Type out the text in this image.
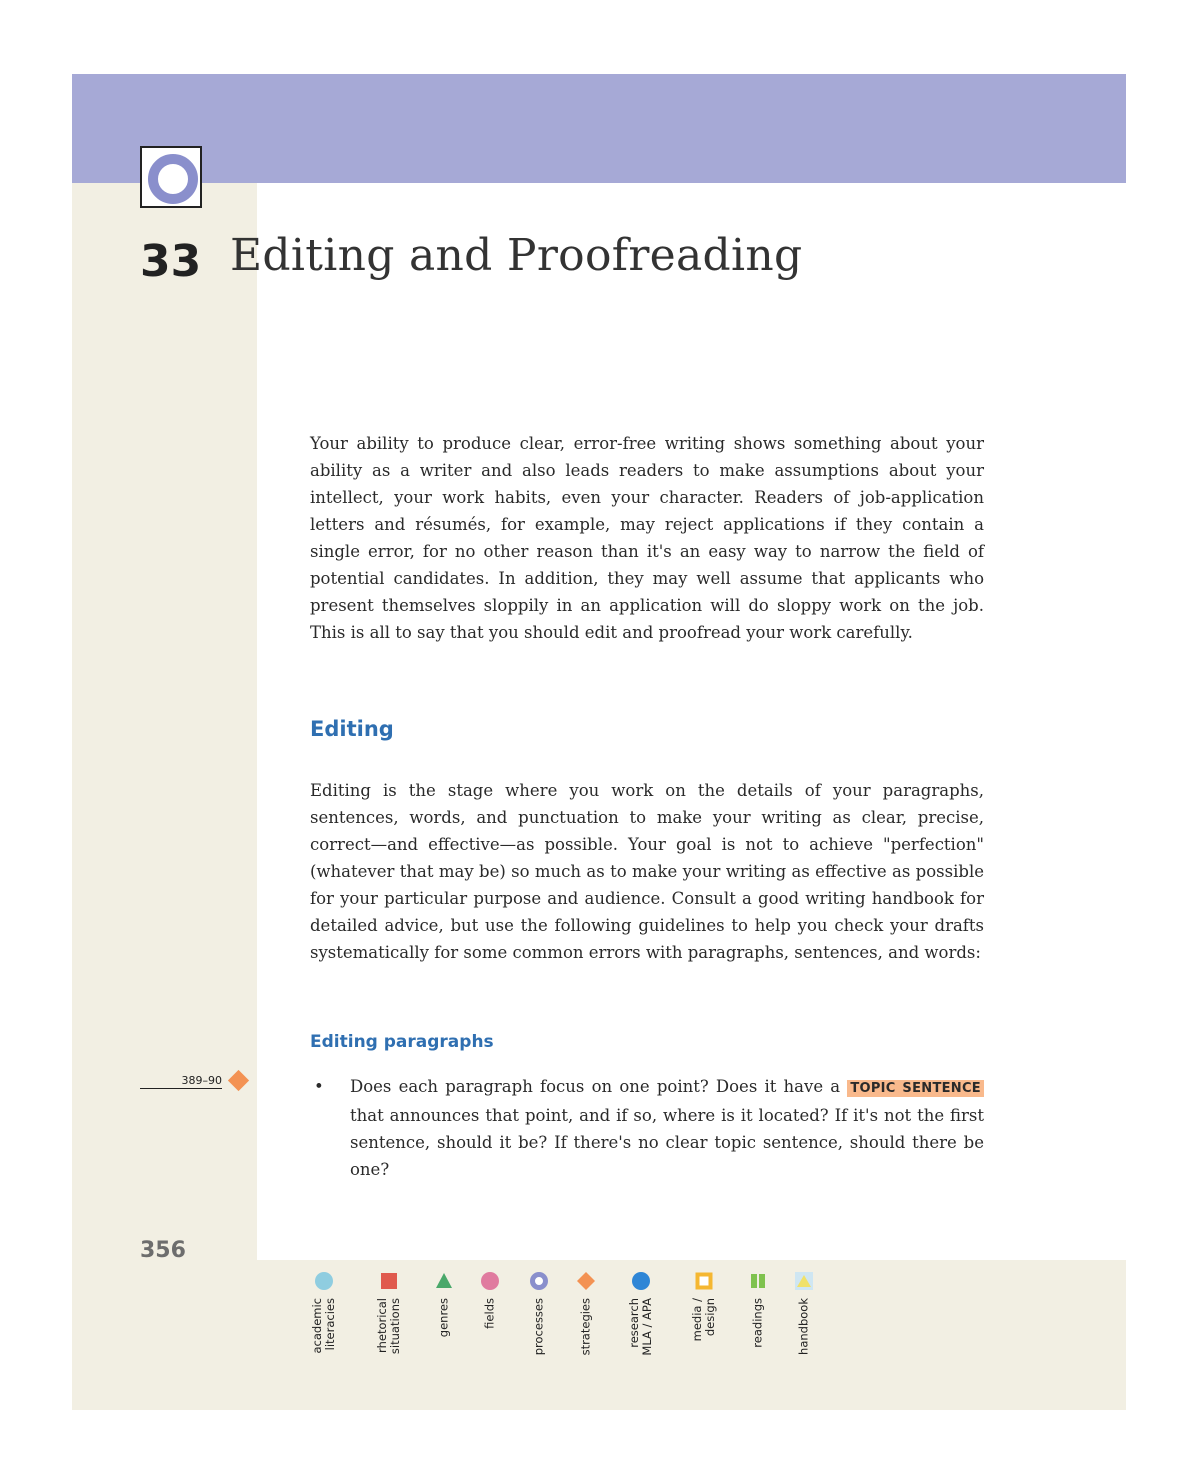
33 Editing and Proofreading

Your ability to produce clear, error-free writing shows something about your ability as a writer and also leads readers to make assumptions about your intellect, your work habits, even your character. Readers of job-application letters and résumés, for example, may reject applications if they contain a single error, for no other reason than it's an easy way to narrow the field of potential candidates. In addition, they may well assume that applicants who present themselves sloppily in an application will do sloppy work on the job. This is all to say that you should edit and proofread your work carefully.

Editing

Editing is the stage where you work on the details of your paragraphs, sentences, words, and punctuation to make your writing as clear, precise, correct—and effective—as possible. Your goal is not to achieve "perfection" (whatever that may be) so much as to make your writing as effective as possible for your particular purpose and audience. Consult a good writing handbook for detailed advice, but use the following guidelines to help you check your drafts systematically for some common errors with paragraphs, sentences, and words:

Editing paragraphs
389–90	• Does each paragraph focus on one point? Does it have a TOPIC SENTENCE that announces that point, and if so, where is it located? If it's not the first sentence, should it be? If there's no clear topic sentence, should there be one?
356
academic
literacies	rhetorical
situations	genres	fields	processes	strategies	research
MLA / APA	media /
design	readings	handbook
